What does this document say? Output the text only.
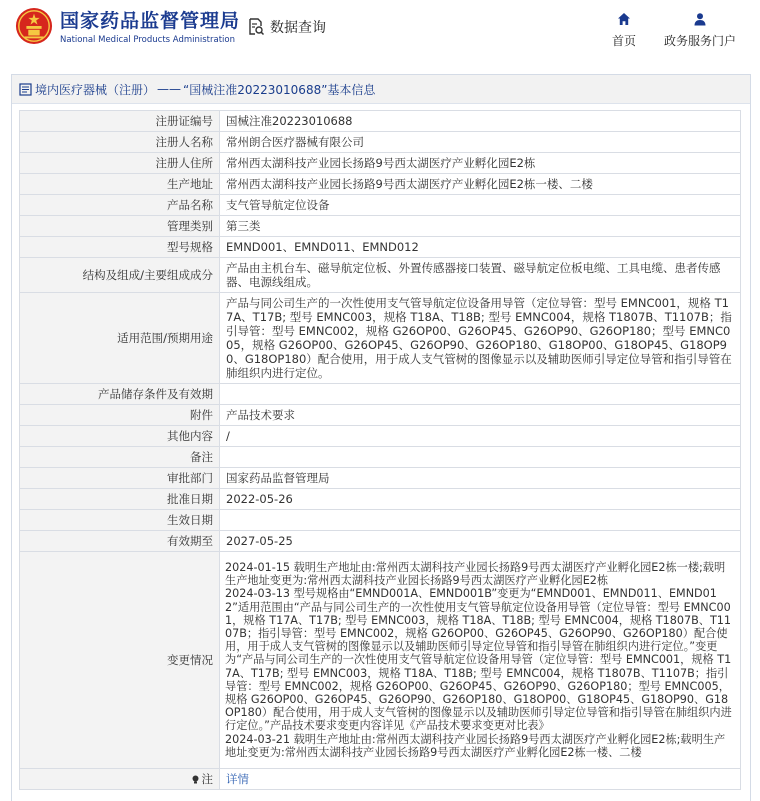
国家药品监督管理局
National Medical Products Administration
数据查询
首页 政务服务门户
境内医疗器械（注册） —— “国械注准20223010688”基本信息
注册证编号	国械注准20223010688
注册人名称	常州朗合医疗器械有限公司
注册人住所	常州西太湖科技产业园长扬路9号西太湖医疗产业孵化园E2栋
生产地址	常州西太湖科技产业园长扬路9号西太湖医疗产业孵化园E2栋一楼、二楼
产品名称	支气管导航定位设备
管理类别	第三类
型号规格	EMND001、EMND011、EMND012
结构及组成/主要组成成分	产品由主机台车、磁导航定位板、外置传感器接口装置、磁导航定位板电缆、工具电缆、患者传感器、电源线组成。
适用范围/预期用途	产品与同公司生产的一次性使用支气管导航定位设备用导管（定位导管：型号 EMNC001，规格 T17A、T17B; 型号 EMNC003，规格 T18A、T18B; 型号 EMNC004，规格 T1807B、T1107B；指引导管：型号 EMNC002，规格 G26OP00、G26OP45、G26OP90、G26OP180；型号 EMNC005，规格 G26OP00、G26OP45、G26OP90、G26OP180、G18OP00、G18OP45、G18OP90、G18OP180）配合使用，用于成人支气管树的图像显示以及辅助医师引导定位导管和指引导管在肺组织内进行定位。
产品储存条件及有效期	
附件	产品技术要求
其他内容	/
备注	
审批部门	国家药品监督管理局
批准日期	2022-05-26
生效日期	
有效期至	2027-05-25
变更情况	2024-01-15 载明生产地址由:常州西太湖科技产业园长扬路9号西太湖医疗产业孵化园E2栋一楼;载明生产地址变更为:常州西太湖科技产业园长扬路9号西太湖医疗产业孵化园E2栋
2024-03-13 型号规格由“EMND001A、EMND001B”变更为“EMND001、EMND011、EMND012”适用范围由“产品与同公司生产的一次性使用支气管导航定位设备用导管（定位导管：型号 EMNC001，规格 T17A、T17B; 型号 EMNC003，规格 T18A、T18B; 型号 EMNC004，规格 T1807B、T1107B；指引导管：型号 EMNC002，规格 G26OP00、G26OP45、G26OP90、G26OP180）配合使用，用于成人支气管树的图像显示以及辅助医师引导定位导管和指引导管在肺组织内进行定位。”变更为“产品与同公司生产的一次性使用支气管导航定位设备用导管（定位导管：型号 EMNC001，规格 T17A、T17B; 型号 EMNC003，规格 T18A、T18B; 型号 EMNC004，规格 T1807B、T1107B；指引导管：型号 EMNC002，规格 G26OP00、G26OP45、G26OP90、G26OP180；型号 EMNC005，规格 G26OP00、G26OP45、G26OP90、G26OP180、G18OP00、G18OP45、G18OP90、G18OP180）配合使用，用于成人支气管树的图像显示以及辅助医师引导定位导管和指引导管在肺组织内进行定位。”产品技术要求变更内容详见《产品技术要求变更对比表》
2024-03-21 载明生产地址由:常州西太湖科技产业园长扬路9号西太湖医疗产业孵化园E2栋;载明生产地址变更为:常州西太湖科技产业园长扬路9号西太湖医疗产业孵化园E2栋一楼、二楼
注	详情
